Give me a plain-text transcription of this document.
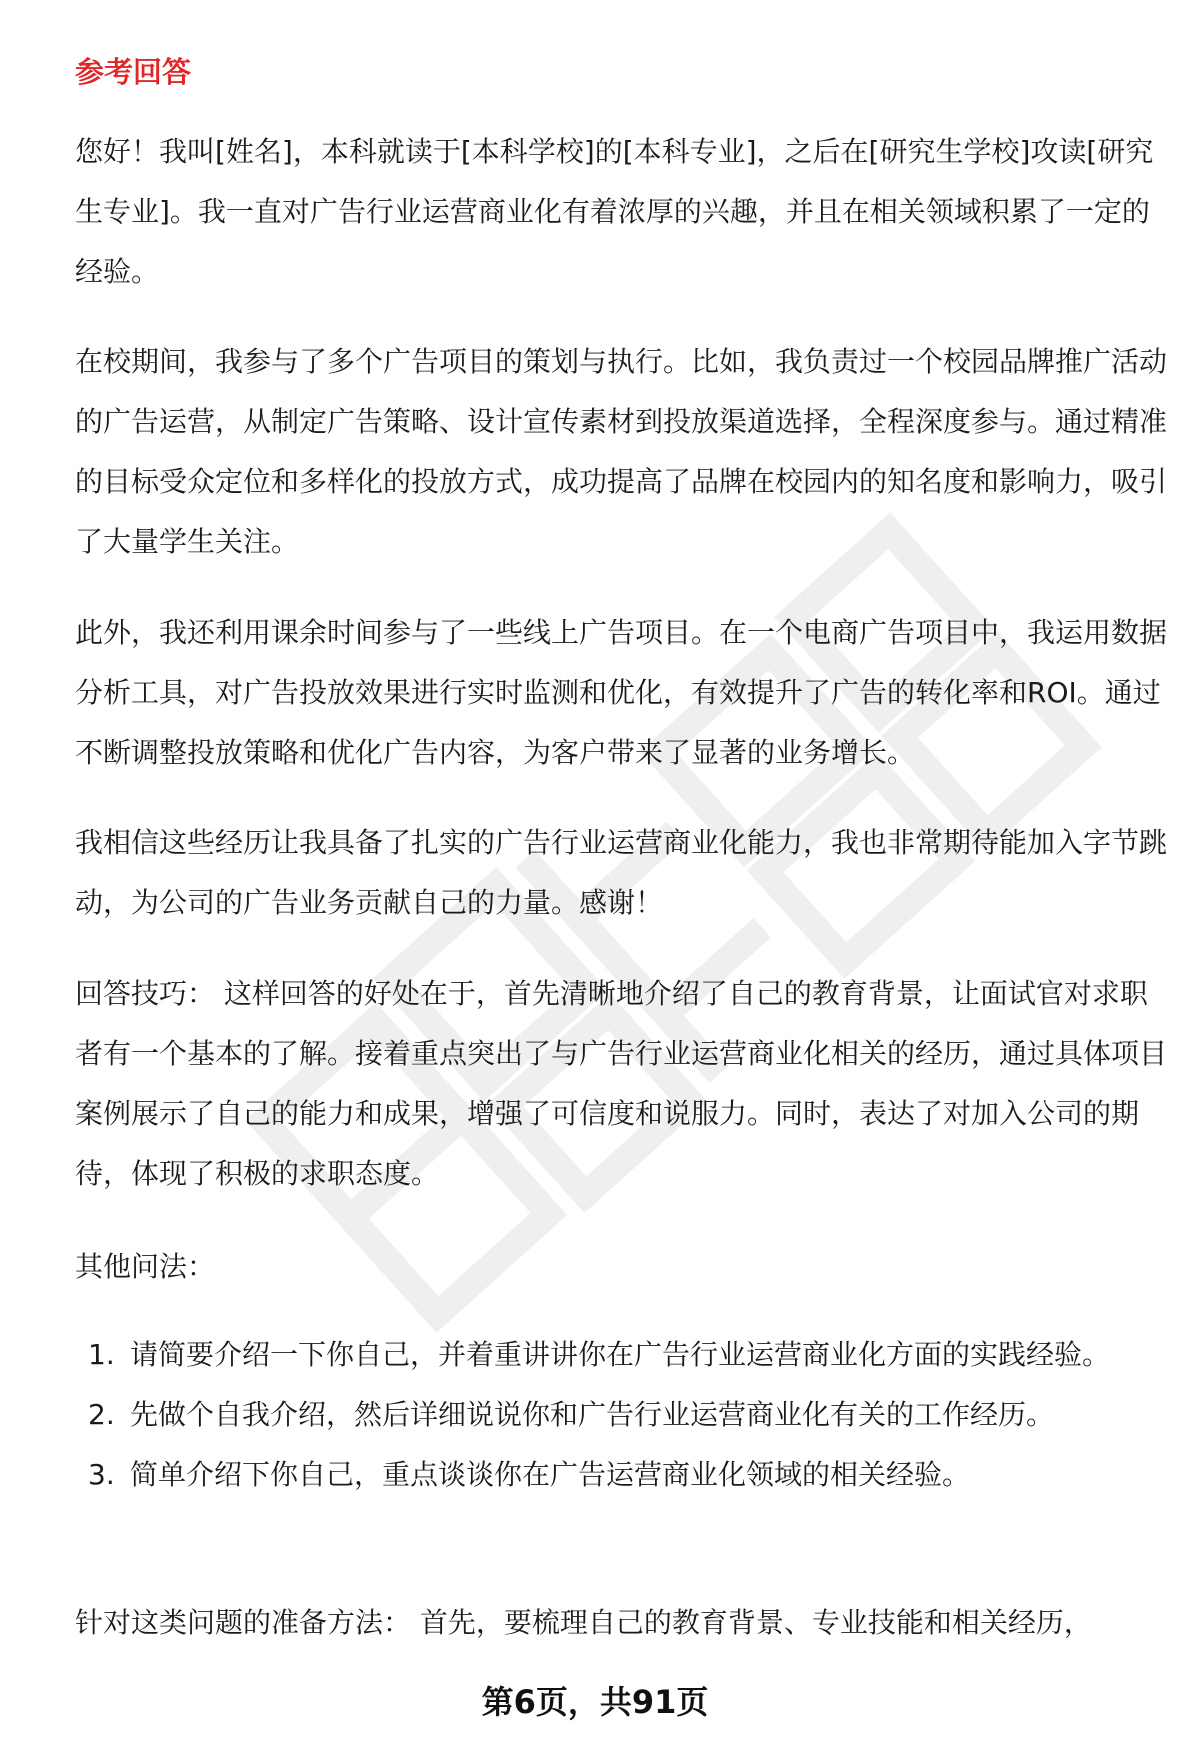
参考回答

您好！我叫[姓名]，本科就读于[本科学校]的[本科专业]，之后在[研究生学校]攻读[研究生专业]。我一直对广告行业运营商业化有着浓厚的兴趣，并且在相关领域积累了一定的经验。

在校期间，我参与了多个广告项目的策划与执行。比如，我负责过一个校园品牌推广活动的广告运营，从制定广告策略、设计宣传素材到投放渠道选择，全程深度参与。通过精准的目标受众定位和多样化的投放方式，成功提高了品牌在校园内的知名度和影响力，吸引了大量学生关注。

此外，我还利用课余时间参与了一些线上广告项目。在一个电商广告项目中，我运用数据分析工具，对广告投放效果进行实时监测和优化，有效提升了广告的转化率和ROI。通过不断调整投放策略和优化广告内容，为客户带来了显著的业务增长。

我相信这些经历让我具备了扎实的广告行业运营商业化能力，我也非常期待能加入字节跳动，为公司的广告业务贡献自己的力量。感谢！

回答技巧： 这样回答的好处在于，首先清晰地介绍了自己的教育背景，让面试官对求职者有一个基本的了解。接着重点突出了与广告行业运营商业化相关的经历，通过具体项目案例展示了自己的能力和成果，增强了可信度和说服力。同时，表达了对加入公司的期待，体现了积极的求职态度。

其他问法：

1. 请简要介绍一下你自己，并着重讲讲你在广告行业运营商业化方面的实践经验。
2. 先做个自我介绍，然后详细说说你和广告行业运营商业化有关的工作经历。
3. 简单介绍下你自己，重点谈谈你在广告运营商业化领域的相关经验。

针对这类问题的准备方法： 首先，要梳理自己的教育背景、专业技能和相关经历，

第6页，共91页
